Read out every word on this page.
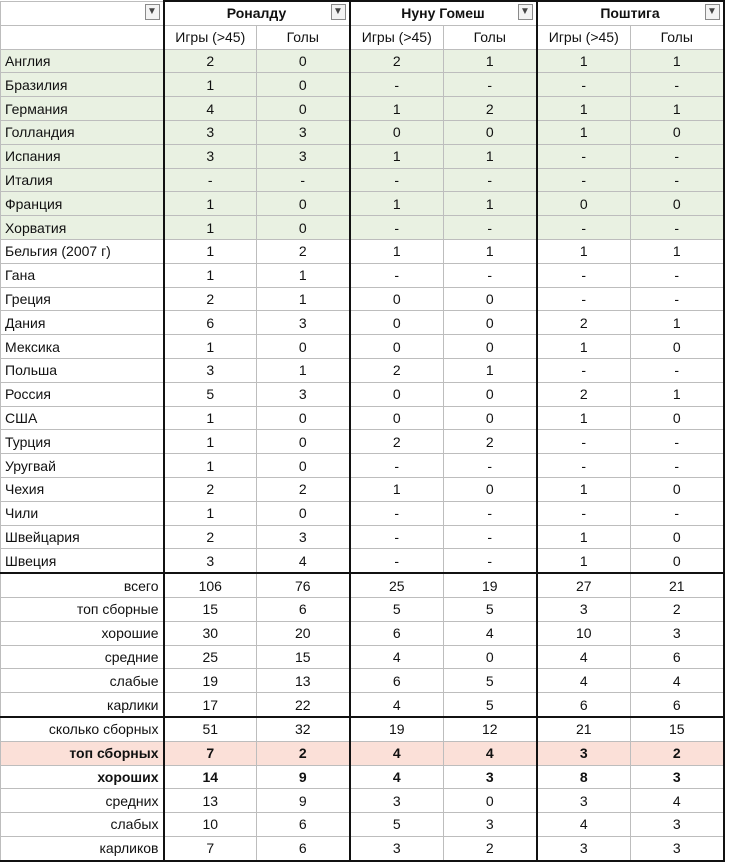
▼	Роналду ▼		Нуну Гомеш ▼		Поштига ▼	

	Игры (>45)	Голы	Игры (>45)	Голы	Игры (>45)	Голы
Англия	2	0	2	1	1	1
Бразилия	1	0	-	-	-	-
Германия	4	0	1	2	1	1
Голландия	3	3	0	0	1	0
Испания	3	3	1	1	-	-
Италия	-	-	-	-	-	-
Франция	1	0	1	1	0	0
Хорватия	1	0	-	-	-	-
Бельгия (2007 г)	1	2	1	1	1	1
Гана	1	1	-	-	-	-
Греция	2	1	0	0	-	-
Дания	6	3	0	0	2	1
Мексика	1	0	0	0	1	0
Польша	3	1	2	1	-	-
Россия	5	3	0	0	2	1
США	1	0	0	0	1	0
Турция	1	0	2	2	-	-
Уругвай	1	0	-	-	-	-
Чехия	2	2	1	0	1	0
Чили	1	0	-	-	-	-
Швейцария	2	3	-	-	1	0
Швеция	3	4	-	-	1	0
всего	106	76	25	19	27	21
топ сборные	15	6	5	5	3	2
хорошие	30	20	6	4	10	3
средние	25	15	4	0	4	6
слабые	19	13	6	5	4	4
карлики	17	22	4	5	6	6
сколько сборных	51	32	19	12	21	15
топ сборных	7	2	4	4	3	2
хороших	14	9	4	3	8	3
средних	13	9	3	0	3	4
слабых	10	6	5	3	4	3
карликов	7	6	3	2	3	3
